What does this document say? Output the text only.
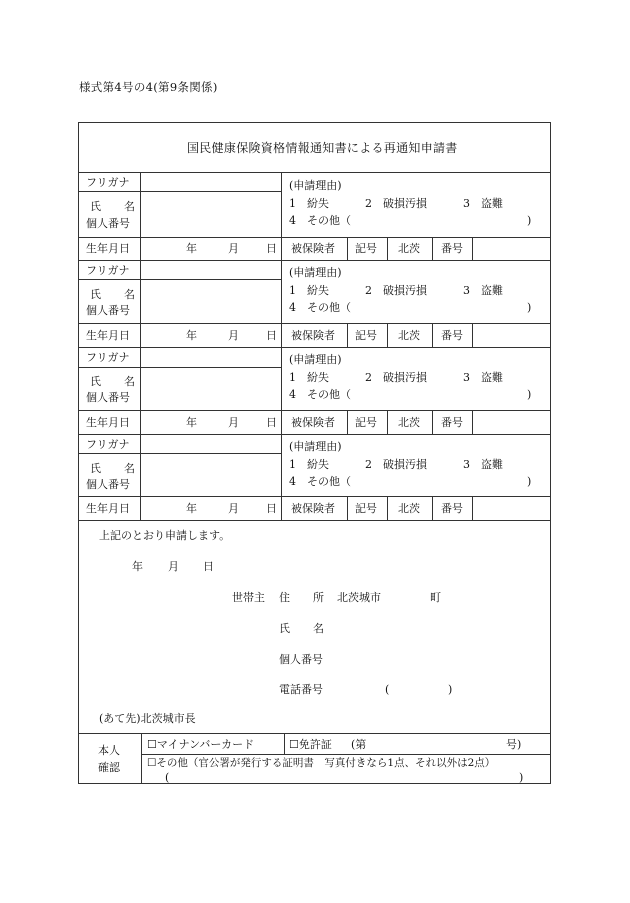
様式第4号の4(第9条関係)
国民健康保険資格情報通知書による再通知申請書
フリガナ
氏 名
個人番号
(申請理由)
1　紛失	2　破損汚損	3　盗難
4　その他（	)
生年月日	年	月 日 被保険者 記号 北茨 番号
フリガナ
氏 名
個人番号
(申請理由)
1　紛失	2　破損汚損	3　盗難
4　その他（	)
生年月日	年	月 日 被保険者 記号 北茨 番号
フリガナ
氏 名
個人番号
(申請理由)
1　紛失	2　破損汚損	3　盗難
4　その他（	)
生年月日	年	月 日 被保険者 記号 北茨 番号
フリガナ
氏 名
個人番号
(申請理由)
1　紛失	2　破損汚損	3　盗難
4　その他（	)
生年月日	年	月 日 被保険者 記号 北茨 番号
上記のとおり申請します。
年 月 日
世帯主 住 所 北茨城市	町
氏 名
個人番号
電話番号	(	)
(あて先)北茨城市長
本人
確認
☐マイナンバーカード	☐免許証 (第	号)
☐その他（官公署が発行する証明書　写真付きなら1点、それ以外は2点）
(	)
